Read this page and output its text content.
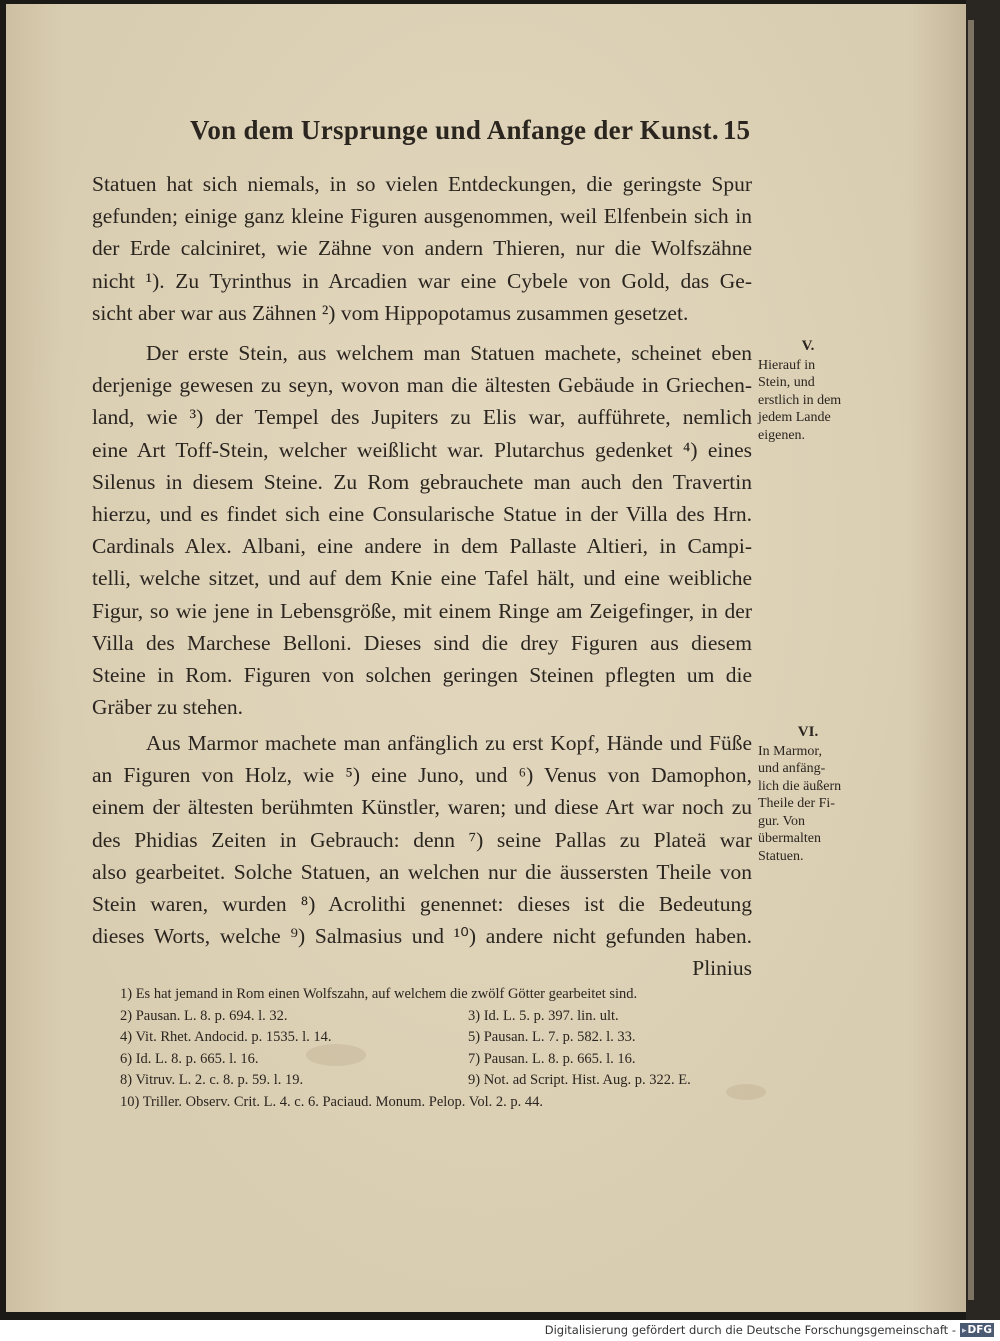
Von dem Ursprunge und Anfange der Kunst. 15
Statuen hat sich niemals, in so vielen Entdeckungen, die geringste Spur
gefunden; einige ganz kleine Figuren ausgenommen, weil Elfenbein sich in
der Erde calciniret, wie Zähne von andern Thieren, nur die Wolfszähne
nicht ¹). Zu Tyrinthus in Arcadien war eine Cybele von Gold, das Ge-
sicht aber war aus Zähnen ²) vom Hippopotamus zusammen gesetzet.
Der erste Stein, aus welchem man Statuen machete, scheinet eben
derjenige gewesen zu seyn, wovon man die ältesten Gebäude in Griechen-
land, wie ³) der Tempel des Jupiters zu Elis war, aufführete, nemlich
eine Art Toff-Stein, welcher weißlicht war. Plutarchus gedenket ⁴) eines
Silenus in diesem Steine. Zu Rom gebrauchete man auch den Travertin
hierzu, und es findet sich eine Consularische Statue in der Villa des Hrn.
Cardinals Alex. Albani, eine andere in dem Pallaste Altieri, in Campi-
telli, welche sitzet, und auf dem Knie eine Tafel hält, und eine weibliche
Figur, so wie jene in Lebensgröße, mit einem Ringe am Zeigefinger, in der
Villa des Marchese Belloni. Dieses sind die drey Figuren aus diesem
Steine in Rom. Figuren von solchen geringen Steinen pflegten um die
Gräber zu stehen.
Aus Marmor machete man anfänglich zu erst Kopf, Hände und Füße
an Figuren von Holz, wie ⁵) eine Juno, und ⁶) Venus von Damophon,
einem der ältesten berühmten Künstler, waren; und diese Art war noch zu
des Phidias Zeiten in Gebrauch: denn ⁷) seine Pallas zu Plateä war
also gearbeitet. Solche Statuen, an welchen nur die äussersten Theile von
Stein waren, wurden ⁸) Acrolithi genennet: dieses ist die Bedeutung
dieses Worts, welche ⁹) Salmasius und ¹⁰) andere nicht gefunden haben.
Plinius
V.
Hierauf in
Stein, und
erstlich in dem
jedem Lande
eigenen.
VI.
In Marmor,
und anfäng-
lich die äußern
Theile der Fi-
gur. Von
übermalten
Statuen.
1) Es hat jemand in Rom einen Wolfszahn, auf welchem die zwölf Götter gearbeitet sind.
2) Pausan. L. 8. p. 694. l. 32.	3) Id. L. 5. p. 397. lin. ult.
4) Vit. Rhet. Andocid. p. 1535. l. 14.	5) Pausan. L. 7. p. 582. l. 33.
6) Id. L. 8. p. 665. l. 16.	7) Pausan. L. 8. p. 665. l. 16.
8) Vitruv. L. 2. c. 8. p. 59. l. 19.	9) Not. ad Script. Hist. Aug. p. 322. E.
10) Triller. Observ. Crit. L. 4. c. 6. Paciaud. Monum. Pelop. Vol. 2. p. 44.
Digitalisierung gefördert durch die Deutsche Forschungsgemeinschaft - ▸DFG
